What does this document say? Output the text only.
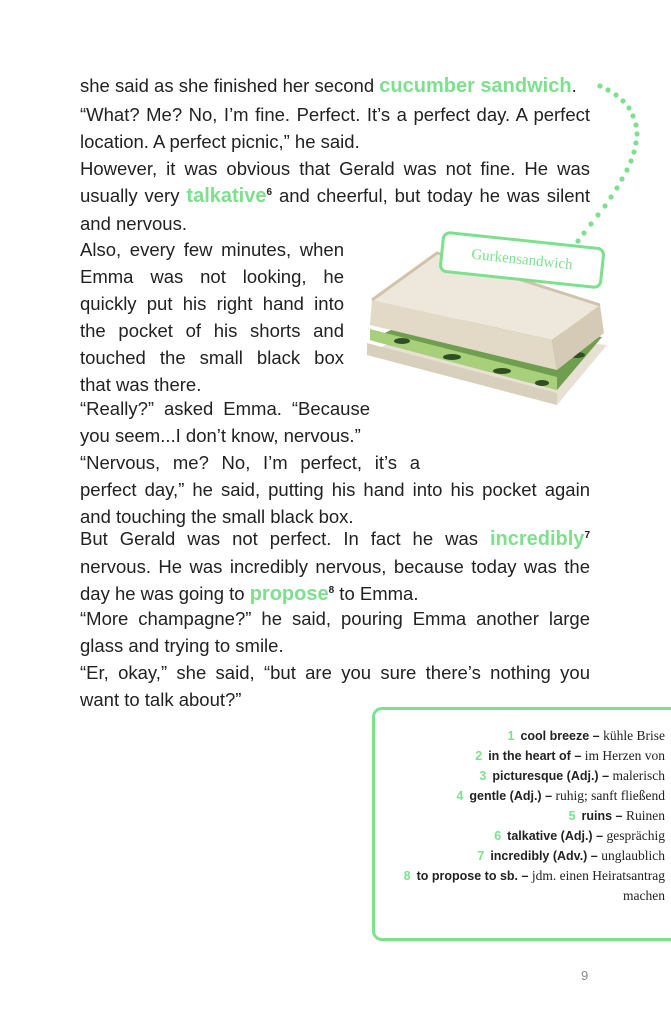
she said as she finished her second cucumber sandwich.

“What? Me? No, I’m fine. Perfect. It’s a perfect day. A perfect location. A perfect picnic,” he said.

However, it was obvious that Gerald was not fine. He was usually very talkative$^6$ and cheerful, but today he was silent and nervous.

Also, every few minutes, when Emma was not looking, he quickly put his right hand into the pocket of his shorts and touched the small black box that was there.

“Really?” asked Emma. “Because you seem...I don’t know, nervous.”

“Nervous, me? No, I’m perfect, it’s a

perfect day,” he said, putting his hand into his pocket again and touching the small black box.

But Gerald was not perfect. In fact he was incredibly$^7$ nervous. He was incredibly nervous, because today was the day he was going to propose$^8$ to Emma.

“More champagne?” he said, pouring Emma another large glass and trying to smile.

“Er, okay,” she said, “but are you sure there’s nothing you want to talk about?”

Gurkensandwich
1 cool breeze – kühle Brise
2 in the heart of – im Herzen von
3 picturesque (Adj.) – malerisch
4 gentle (Adj.) – ruhig; sanft fließend
5 ruins – Ruinen
6 talkative (Adj.) – gesprächig
7 incredibly (Adv.) – unglaublich
8 to propose to sb. – jdm. einen Heiratsantrag machen
9
